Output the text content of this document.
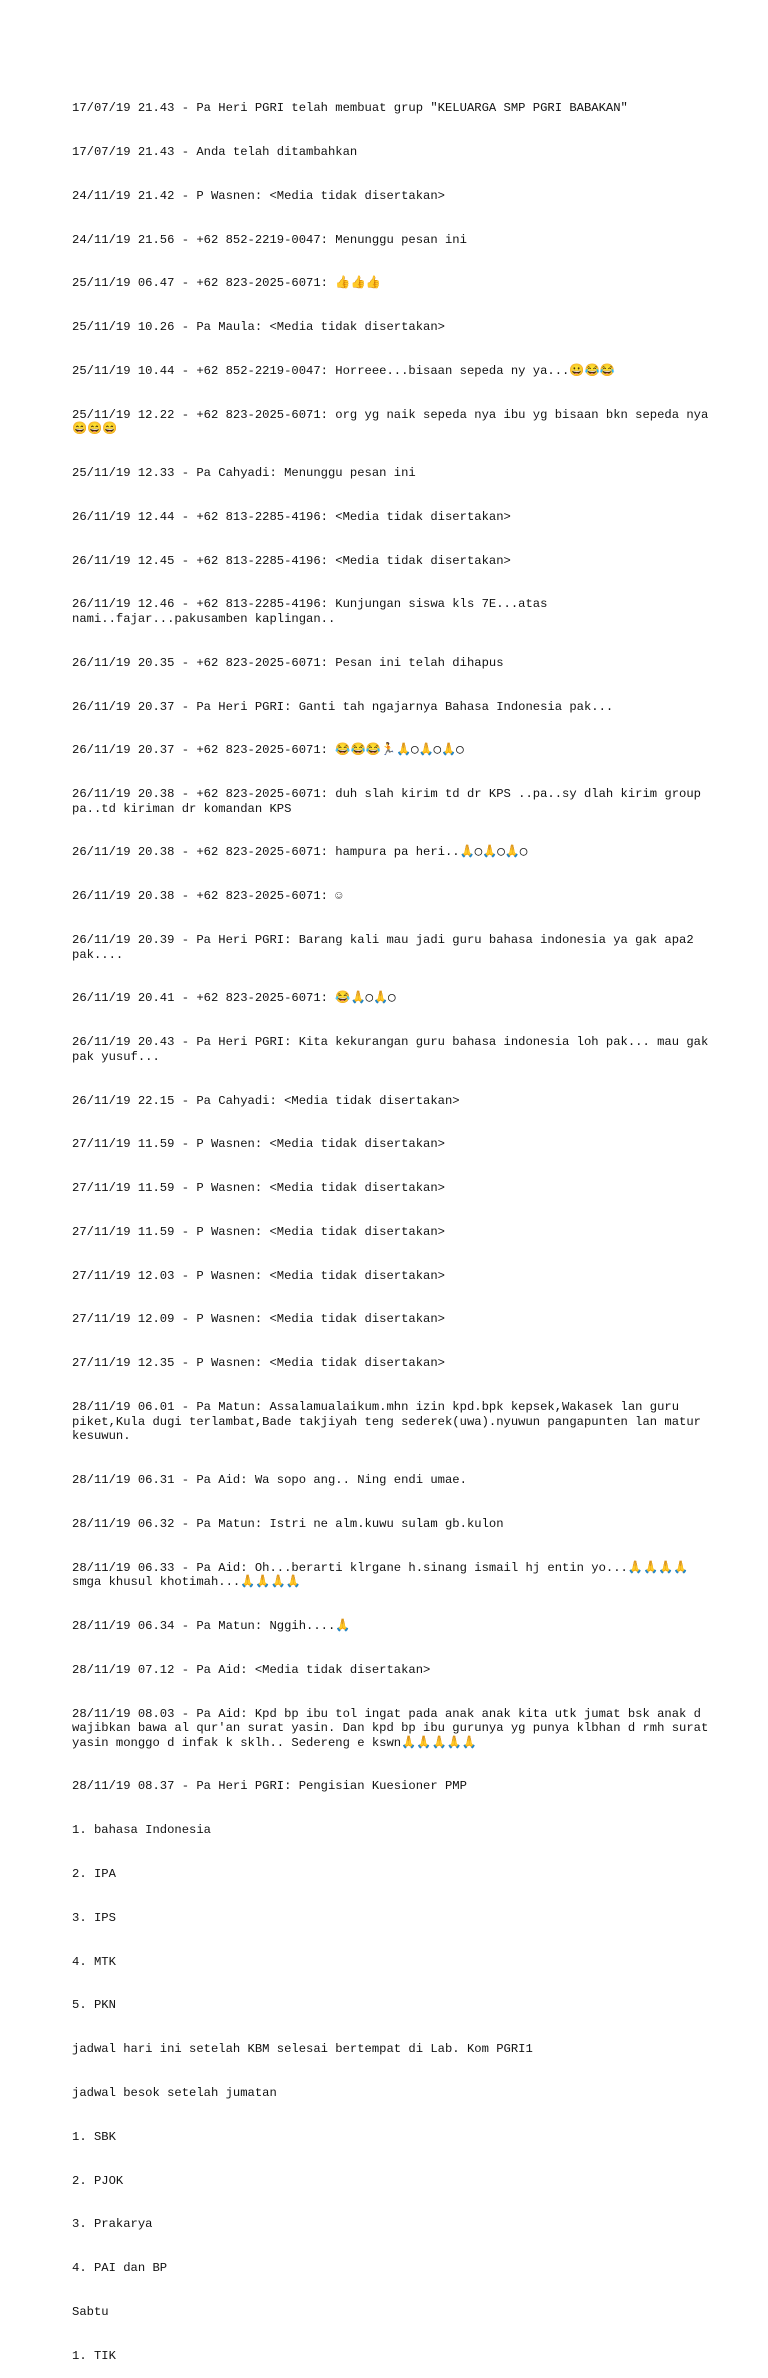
17/07/19 21.43 - Pa Heri PGRI telah membuat grup "KELUARGA SMP PGRI BABAKAN"

17/07/19 21.43 - Anda telah ditambahkan

24/11/19 21.42 - P Wasnen: <Media tidak disertakan>

24/11/19 21.56 - +62 852-2219-0047: Menunggu pesan ini

25/11/19 06.47 - +62 823-2025-6071: 👍👍👍

25/11/19 10.26 - Pa Maula: <Media tidak disertakan>

25/11/19 10.44 - +62 852-2219-0047: Horreee...bisaan sepeda ny ya...😀😂😂

25/11/19 12.22 - +62 823-2025-6071: org yg naik sepeda nya ibu yg bisaan bkn sepeda nya😄😄😄

25/11/19 12.33 - Pa Cahyadi: Menunggu pesan ini

26/11/19 12.44 - +62 813-2285-4196: <Media tidak disertakan>

26/11/19 12.45 - +62 813-2285-4196: <Media tidak disertakan>

26/11/19 12.46 - +62 813-2285-4196: Kunjungan siswa kls 7E...atas nami..fajar...pakusamben kaplingan..

26/11/19 20.35 - +62 823-2025-6071: Pesan ini telah dihapus

26/11/19 20.37 - Pa Heri PGRI: Ganti tah ngajarnya Bahasa Indonesia pak...

26/11/19 20.37 - +62 823-2025-6071: 😂😂😂🏃🙏◯🙏◯🙏◯

26/11/19 20.38 - +62 823-2025-6071: duh slah kirim td dr KPS ..pa..sy dlah kirim group pa..td kiriman dr komandan KPS

26/11/19 20.38 - +62 823-2025-6071: hampura pa heri..🙏◯🙏◯🙏◯

26/11/19 20.38 - +62 823-2025-6071: ☺

26/11/19 20.39 - Pa Heri PGRI: Barang kali mau jadi guru bahasa indonesia ya gak apa2 pak....

26/11/19 20.41 - +62 823-2025-6071: 😂🙏◯🙏◯

26/11/19 20.43 - Pa Heri PGRI: Kita kekurangan guru bahasa indonesia loh pak... mau gak pak yusuf...

26/11/19 22.15 - Pa Cahyadi: <Media tidak disertakan>

27/11/19 11.59 - P Wasnen: <Media tidak disertakan>

27/11/19 11.59 - P Wasnen: <Media tidak disertakan>

27/11/19 11.59 - P Wasnen: <Media tidak disertakan>

27/11/19 12.03 - P Wasnen: <Media tidak disertakan>

27/11/19 12.09 - P Wasnen: <Media tidak disertakan>

27/11/19 12.35 - P Wasnen: <Media tidak disertakan>

28/11/19 06.01 - Pa Matun: Assalamualaikum.mhn izin kpd.bpk kepsek,Wakasek lan guru piket,Kula dugi terlambat,Bade takjiyah teng sederek(uwa).nyuwun pangapunten lan matur kesuwun.

28/11/19 06.31 - Pa Aid: Wa sopo ang.. Ning endi umae.

28/11/19 06.32 - Pa Matun: Istri ne alm.kuwu sulam gb.kulon

28/11/19 06.33 - Pa Aid: Oh...berarti klrgane h.sinang ismail hj entin yo...🙏🙏🙏🙏 smga khusul khotimah...🙏🙏🙏🙏

28/11/19 06.34 - Pa Matun: Nggih....🙏

28/11/19 07.12 - Pa Aid: <Media tidak disertakan>

28/11/19 08.03 - Pa Aid: Kpd bp ibu tol ingat pada anak anak kita utk jumat bsk anak d wajibkan bawa al qur'an surat yasin. Dan kpd bp ibu gurunya yg punya klbhan d rmh surat yasin monggo d infak k sklh.. Sedereng e kswn🙏🙏🙏🙏🙏

28/11/19 08.37 - Pa Heri PGRI: Pengisian Kuesioner PMP

1. bahasa Indonesia

2. IPA

3. IPS

4. MTK

5. PKN

jadwal hari ini setelah KBM selesai bertempat di Lab. Kom PGRI1

jadwal besok setelah jumatan

1. SBK

2. PJOK

3. Prakarya

4. PAI dan BP

Sabtu

1. TIK
